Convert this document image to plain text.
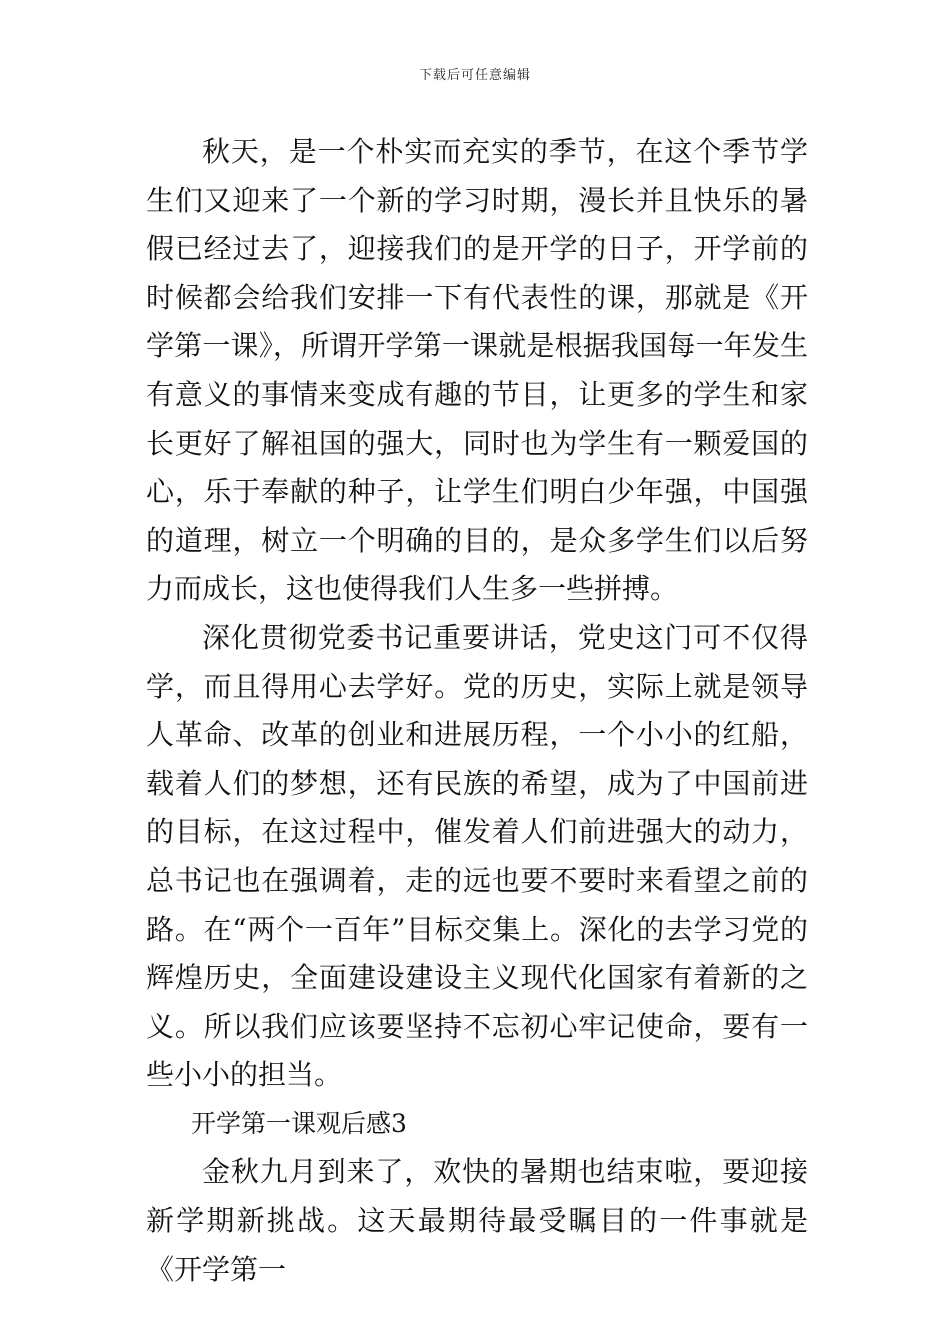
下载后可任意编辑

秋天，是一个朴实而充实的季节，在这个季节学生们又迎来了一个新的学习时期，漫长并且快乐的暑假已经过去了，迎接我们的是开学的日子，开学前的时候都会给我们安排一下有代表性的课，那就是《开学第一课》，所谓开学第一课就是根据我国每一年发生有意义的事情来变成有趣的节目，让更多的学生和家长更好了解祖国的强大，同时也为学生有一颗爱国的心，乐于奉献的种子，让学生们明白少年强，中国强的道理，树立一个明确的目的，是众多学生们以后努力而成长，这也使得我们人生多一些拼搏。

深化贯彻党委书记重要讲话，党史这门可不仅得学，而且得用心去学好。党的历史，实际上就是领导人革命、改革的创业和进展历程，一个小小的红船，载着人们的梦想，还有民族的希望，成为了中国前进的目标，在这过程中，催发着人们前进强大的动力，总书记也在强调着，走的远也要不要时来看望之前的路。在“两个一百年”目标交集上。深化的去学习党的辉煌历史，全面建设建设主义现代化国家有着新的之义。所以我们应该要坚持不忘初心牢记使命，要有一些小小的担当。

开学第一课观后感3

金秋九月到来了，欢快的暑期也结束啦，要迎接新学期新挑战。这天最期待最受瞩目的一件事就是《开学第一
